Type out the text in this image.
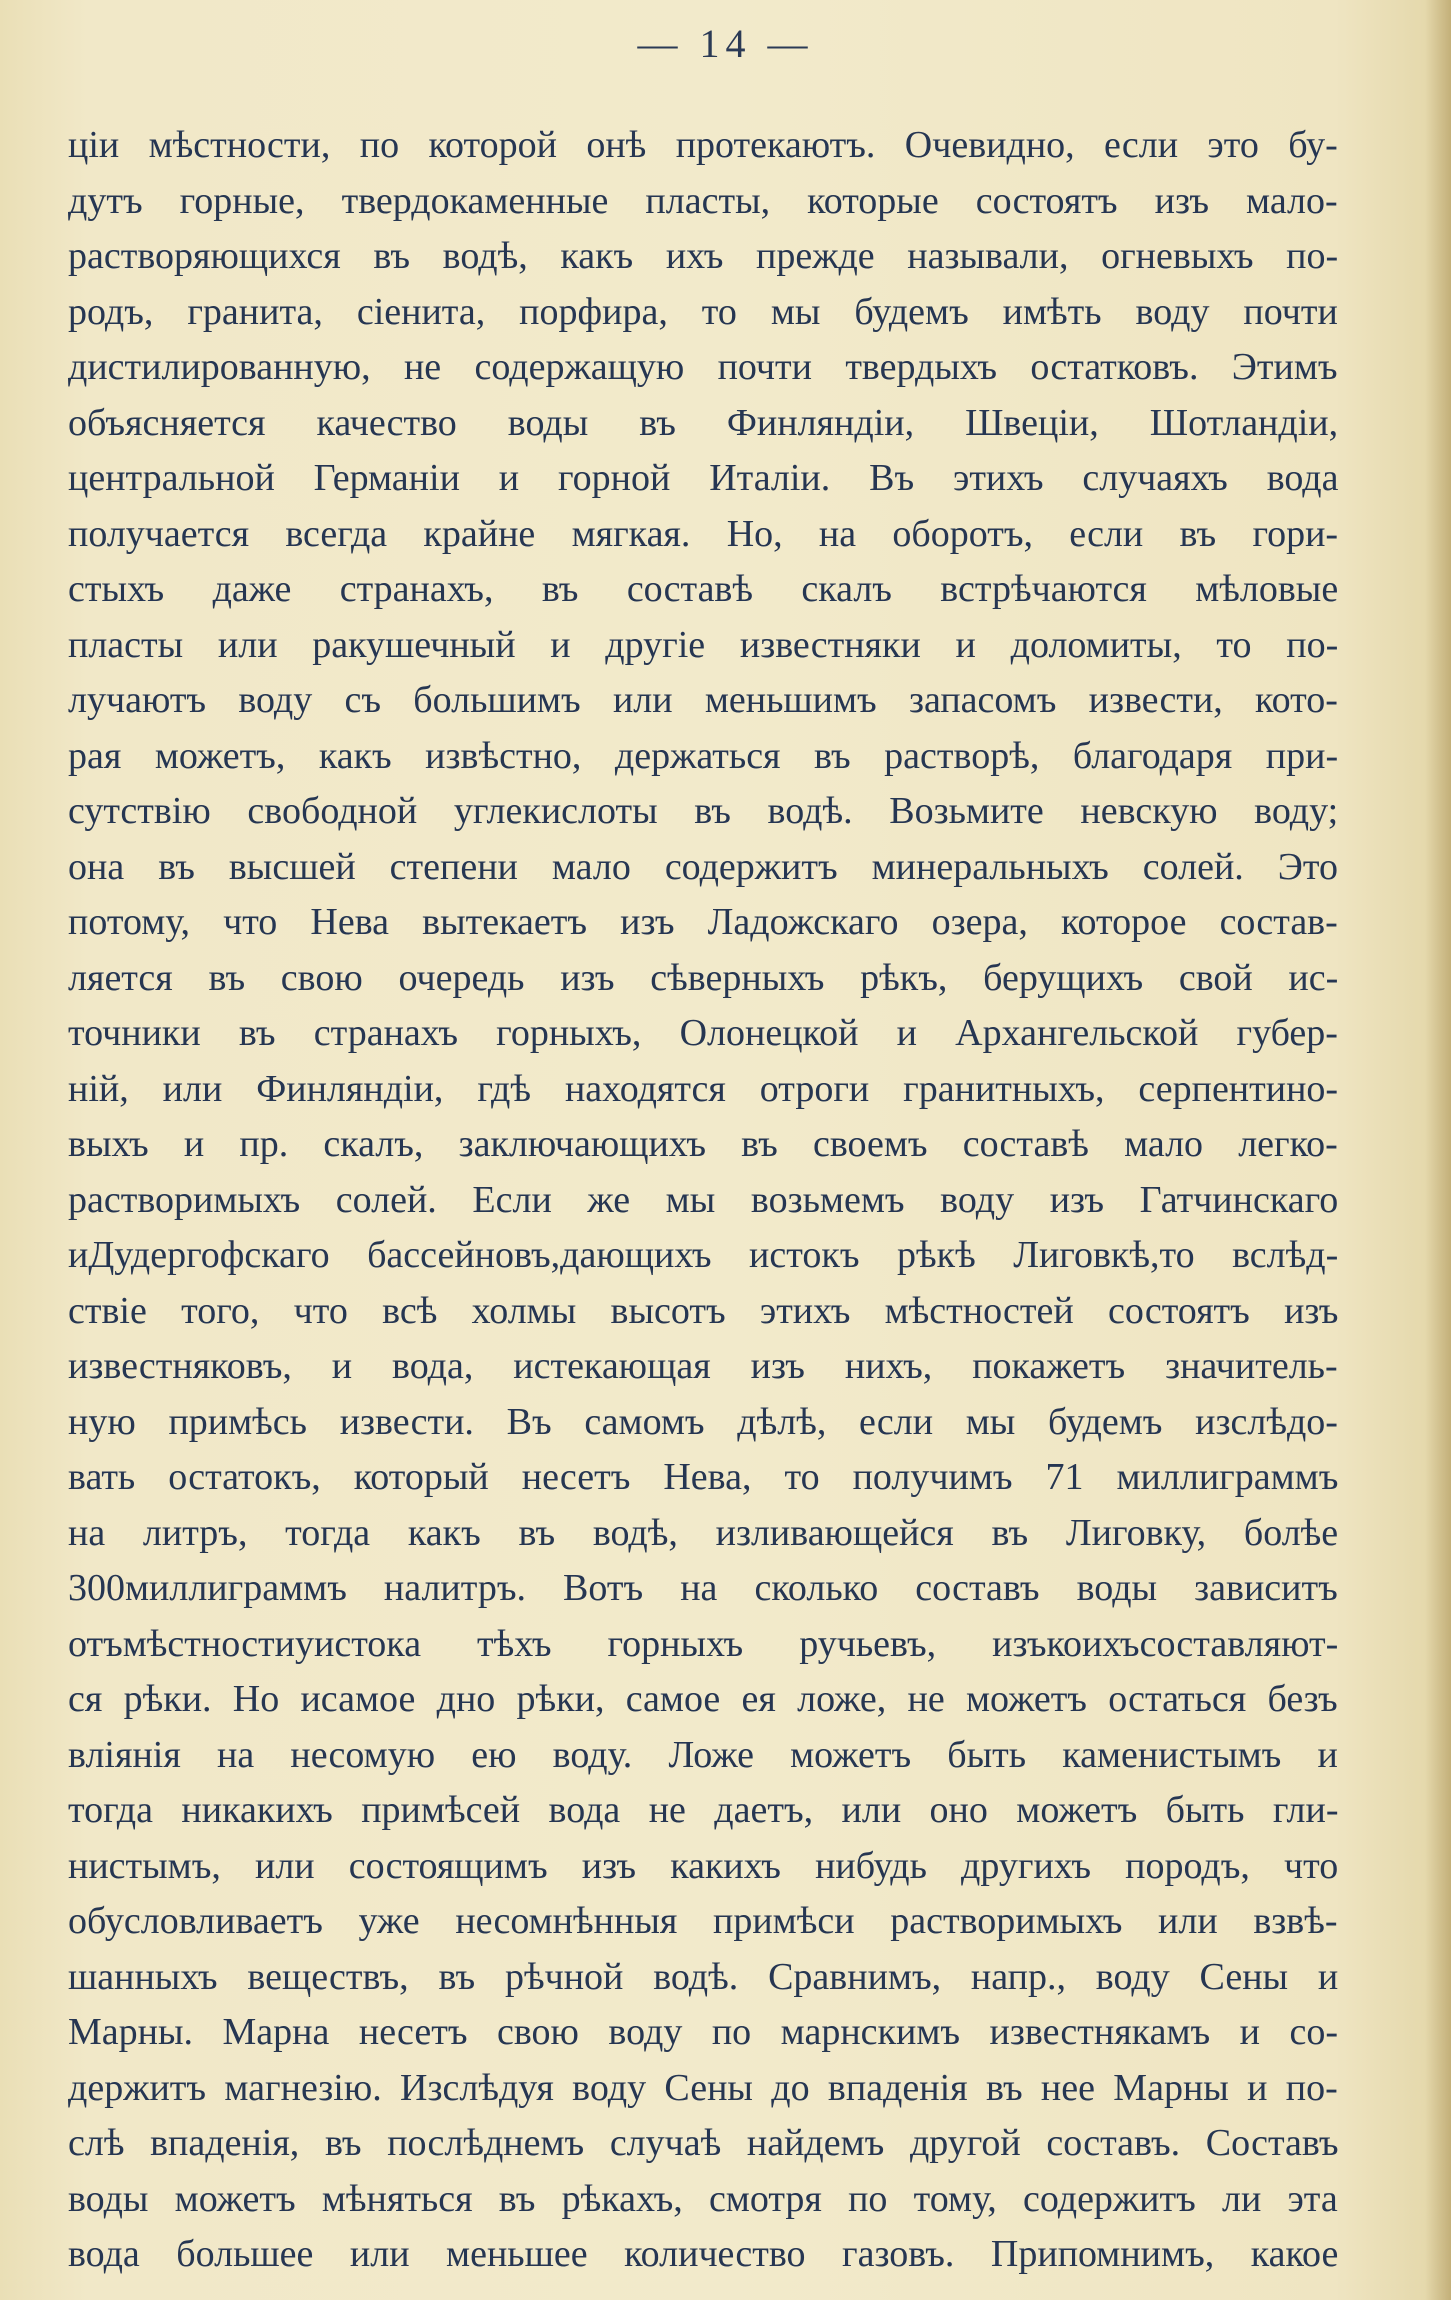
— 14 —
ціи мѣстности, по которой онѣ протекаютъ. Очевидно, если это бу-
дутъ горные, твердокаменные пласты, которые состоятъ изъ мало-
растворяющихся въ водѣ, какъ ихъ прежде называли, огневыхъ по-
родъ, гранита, сіенита, порфира, то мы будемъ имѣть воду почти
дистилированную, не содержащую почти твердыхъ остатковъ. Этимъ
объясняется качество воды въ Финляндіи, Швеціи, Шотландіи,
центральной Германіи и горной Италіи. Въ этихъ случаяхъ вода
получается всегда крайне мягкая. Но, на оборотъ, если въ гори-
стыхъ даже странахъ, въ составѣ скалъ встрѣчаются мѣловые
пласты или ракушечный и другіе известняки и доломиты, то по-
лучаютъ воду съ большимъ или меньшимъ запасомъ извести, кото-
рая можетъ, какъ извѣстно, держаться въ растворѣ, благодаря при-
сутствію свободной углекислоты въ водѣ. Возьмите невскую воду;
она въ высшей степени мало содержитъ минеральныхъ солей. Это
потому, что Нева вытекаетъ изъ Ладожскаго озера, которое состав-
ляется въ свою очередь изъ сѣверныхъ рѣкъ, берущихъ свой ис-
точники въ странахъ горныхъ, Олонецкой и Архангельской губер-
ній, или Финляндіи, гдѣ находятся отроги гранитныхъ, серпентино-
выхъ и пр. скалъ, заключающихъ въ своемъ составѣ мало легко-
растворимыхъ солей. Если же мы возьмемъ воду изъ Гатчинскаго
иДудергофскаго бассейновъ,дающихъ истокъ рѣкѣ Лиговкѣ,то вслѣд-
ствіе того, что всѣ холмы высотъ этихъ мѣстностей состоятъ изъ
известняковъ, и вода, истекающая изъ нихъ, покажетъ значитель-
ную примѣсь извести. Въ самомъ дѣлѣ, если мы будемъ изслѣдо-
вать остатокъ, который несетъ Нева, то получимъ 71 миллиграммъ
на литръ, тогда какъ въ водѣ, изливающейся въ Лиговку, болѣе
300миллиграммъ налитръ. Вотъ на сколько составъ воды зависитъ
отъмѣстностиуистока тѣхъ горныхъ ручьевъ, изъкоихъсоставляют-
ся рѣки. Но исамое дно рѣки, самое ея ложе, не можетъ остаться безъ
вліянія на несомую ею воду. Ложе можетъ быть каменистымъ и
тогда никакихъ примѣсей вода не даетъ, или оно можетъ быть гли-
нистымъ, или состоящимъ изъ какихъ нибудь другихъ породъ, что
обусловливаетъ уже несомнѣнныя примѣси растворимыхъ или взвѣ-
шанныхъ веществъ, въ рѣчной водѣ. Сравнимъ, напр., воду Сены и
Марны. Марна несетъ свою воду по марнскимъ известнякамъ и со-
держитъ магнезію. Изслѣдуя воду Сены до впаденія въ нее Марны и по-
слѣ впаденія, въ послѣднемъ случаѣ найдемъ другой составъ. Составъ
воды можетъ мѣняться въ рѣкахъ, смотря по тому, содержитъ ли эта
вода большее или меньшее количество газовъ. Припомнимъ, какое
